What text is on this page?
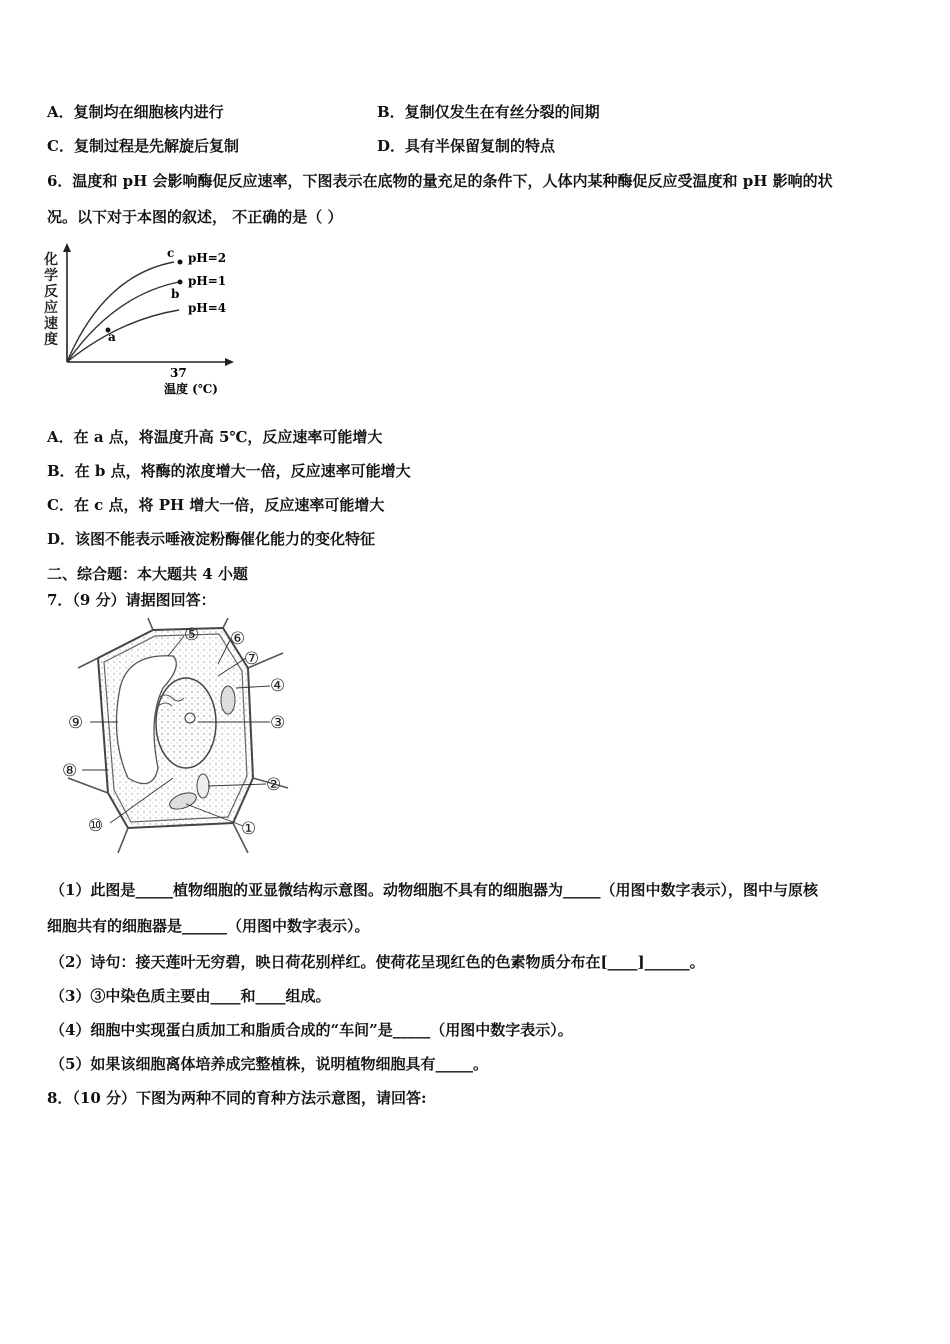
A．复制均在细胞核内进行	B．复制仅发生在有丝分裂的间期
C．复制过程是先解旋后复制	D．具有半保留复制的特点
6．温度和 pH 会影响酶促反应速率，下图表示在底物的量充足的条件下，人体内某种酶促反应受温度和 pH 影响的状
况。以下对于本图的叙述， 不正确的是（ ）
化学反应速度
c
b
a
pH=2
pH=1
pH=4
37
温度 (℃)
A．在 a 点，将温度升高 5℃，反应速率可能增大
B．在 b 点，将酶的浓度增大一倍，反应速率可能增大
C．在 c 点，将 PH 增大一倍，反应速率可能增大
D．该图不能表示唾液淀粉酶催化能力的变化特征
二、综合题：本大题共 4 小题
7．（9 分）请据图回答：
⑤ ⑥
⑦
④
③
②
①
⑩
⑧
⑨
（1）此图是_____植物细胞的亚显微结构示意图。动物细胞不具有的细胞器为_____（用图中数字表示），图中与原核
细胞共有的细胞器是______（用图中数字表示）。
（2）诗句：接天莲叶无穷碧，映日荷花别样红。使荷花呈现红色的色素物质分布在[____]______。
（3）③中染色质主要由____和____组成。
（4）细胞中实现蛋白质加工和脂质合成的“车间”是_____（用图中数字表示）。
（5）如果该细胞离体培养成完整植株，说明植物细胞具有_____。
8．（10 分）下图为两种不同的育种方法示意图，请回答:
